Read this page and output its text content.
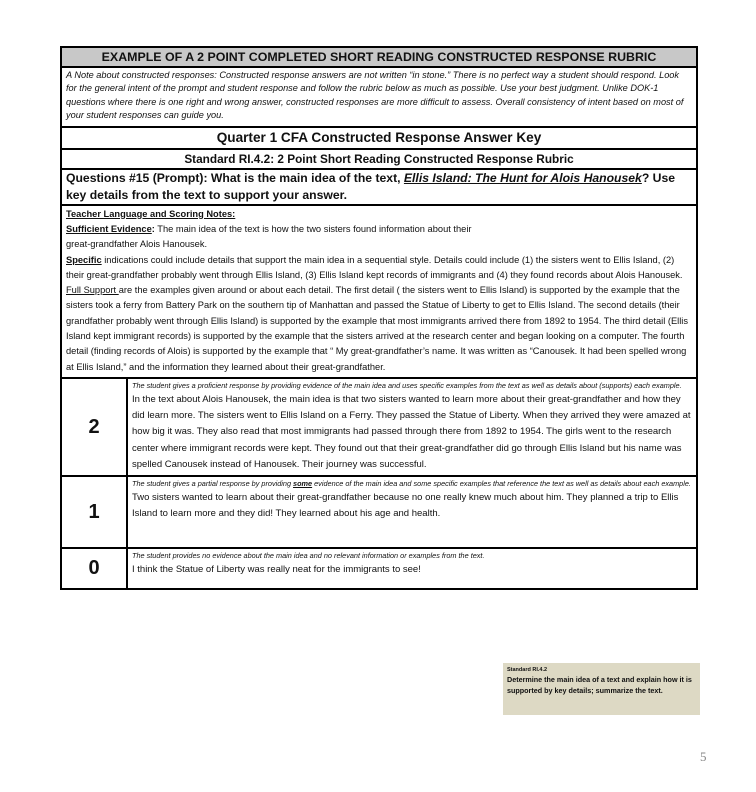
EXAMPLE OF A 2 POINT COMPLETED SHORT READING CONSTRUCTED RESPONSE RUBRIC	
A Note about constructed responses: Constructed response answers are not written “in stone.” There is no perfect way a student should respond. Look for the general intent of the prompt and student response and follow the rubric below as much as possible. Use your best judgment. Unlike DOK-1 questions where there is one right and wrong answer, constructed responses are more difficult to assess. Overall consistency of intent based on most of your student responses can guide you.	
Quarter 1 CFA Constructed Response Answer Key	
Standard RI.4.2: 2 Point Short Reading Constructed Response Rubric	
Questions #15 (Prompt): What is the main idea of the text, Ellis Island: The Hunt for Alois Hanousek? Use key details from the text to support your answer.	

Teacher Language and Scoring Notes:
Sufficient Evidence: The main idea of the text is how the two sisters found information about their
great-grandfather Alois Hanousek.
Specific indications could include details that support the main idea in a sequential style. Details could include (1) the sisters went to Ellis Island, (2) their great-grandfather probably went through Ellis Island, (3) Ellis Island kept records of immigrants and (4) they found records about Alois Hanousek.
Full Support are the examples given around or about each detail. The first detail ( the sisters went to Ellis Island) is supported by the example that the sisters took a ferry from Battery Park on the southern tip of Manhattan and passed the Statue of Liberty to get to Ellis Island. The second details (their grandfather probably went through Ellis Island) is supported by the example that most immigrants arrived there from 1892 to 1954. The third detail (Ellis Island kept immigrant records) is supported by the example that the sisters arrived at the research center and began looking on a computer. The fourth detail (finding records of Alois) is supported by the example that “ My great-grandfather’s name. It was written as “Canousek. It had been spelled wrong at Ellis Island,” and the information they learned about their great-grandfather.	

2	The student gives a proficient response by providing evidence of the main idea and uses specific examples from the text as well as details about (supports) each example.
In the text about Alois Hanousek, the main idea is that two sisters wanted to learn more about their great-grandfather and how they did learn more. The sisters went to Ellis Island on a Ferry. They passed the Statue of Liberty. When they arrived they were amazed at how big it was. They also read that most immigrants had passed through there from 1892 to 1954. The girls went to the research center where immigrant records were kept. They found out that their great-grandfather did go through Ellis Island but his name was spelled Canousek instead of Hanousek. Their journey was successful.

1	The student gives a partial response by providing some evidence of the main idea and some specific examples that reference the text as well as details about each example.
Two sisters wanted to learn about their great-grandfather because no one really knew much about him. They planned a trip to Ellis Island to learn more and they did! They learned about his age and health.

0	The student provides no evidence about the main idea and no relevant information or examples from the text.
I think the Statue of Liberty was really neat for the immigrants to see!
Standard RI.4.2
Determine the main idea of a text and explain how it is supported by key details; summarize the text.
5
